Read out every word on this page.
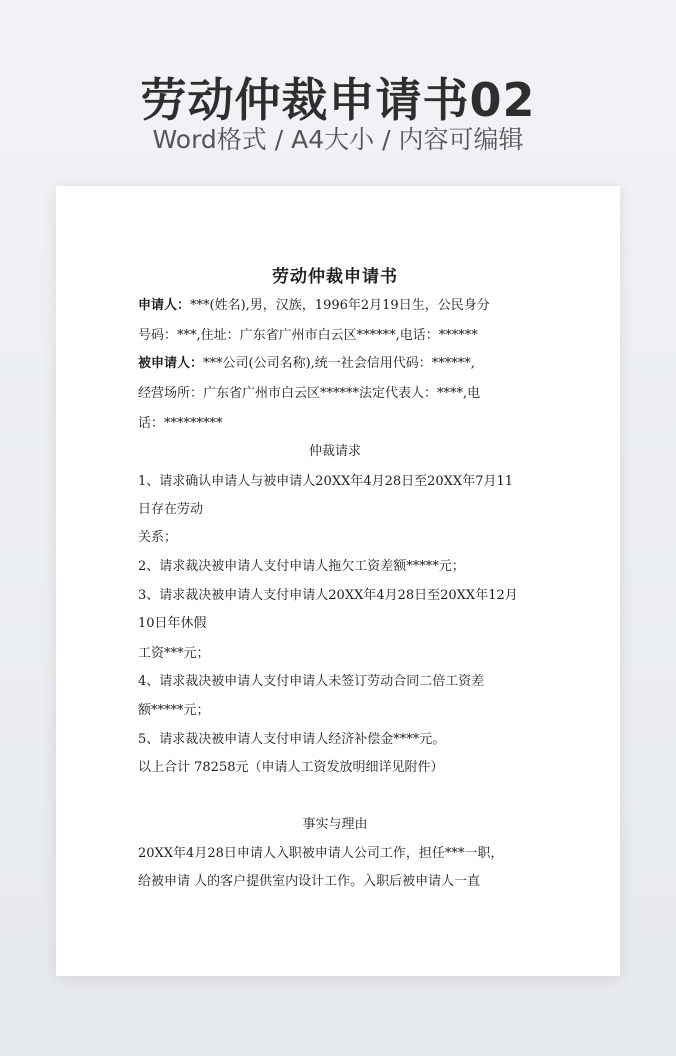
劳动仲裁申请书02
Word格式 / A4大小 / 内容可编辑
劳动仲裁申请书
申请人：***(姓名),男，汉族，1996年2月19日生，公民身分
号码：***,住址：广东省广州市白云区******,电话：******
被申请人：***公司(公司名称),统一社会信用代码：******,
经营场所：广东省广州市白云区******法定代表人：****,电
话：*********
仲裁请求
1、请求确认申请人与被申请人20XX年4月28日至20XX年7月11
日存在劳动
关系；
2、请求裁决被申请人支付申请人拖欠工资差额*****元；
3、请求裁决被申请人支付申请人20XX年4月28日至20XX年12月
10日年休假
工资***元；
4、请求裁决被申请人支付申请人未签订劳动合同二倍工资差
额*****元；
5、请求裁决被申请人支付申请人经济补偿金****元。
以上合计 78258元（申请人工资发放明细详见附件）
事实与理由
20XX年4月28日申请人入职被申请人公司工作，担任***一职，
给被申请 人的客户提供室内设计工作。入职后被申请人一直
